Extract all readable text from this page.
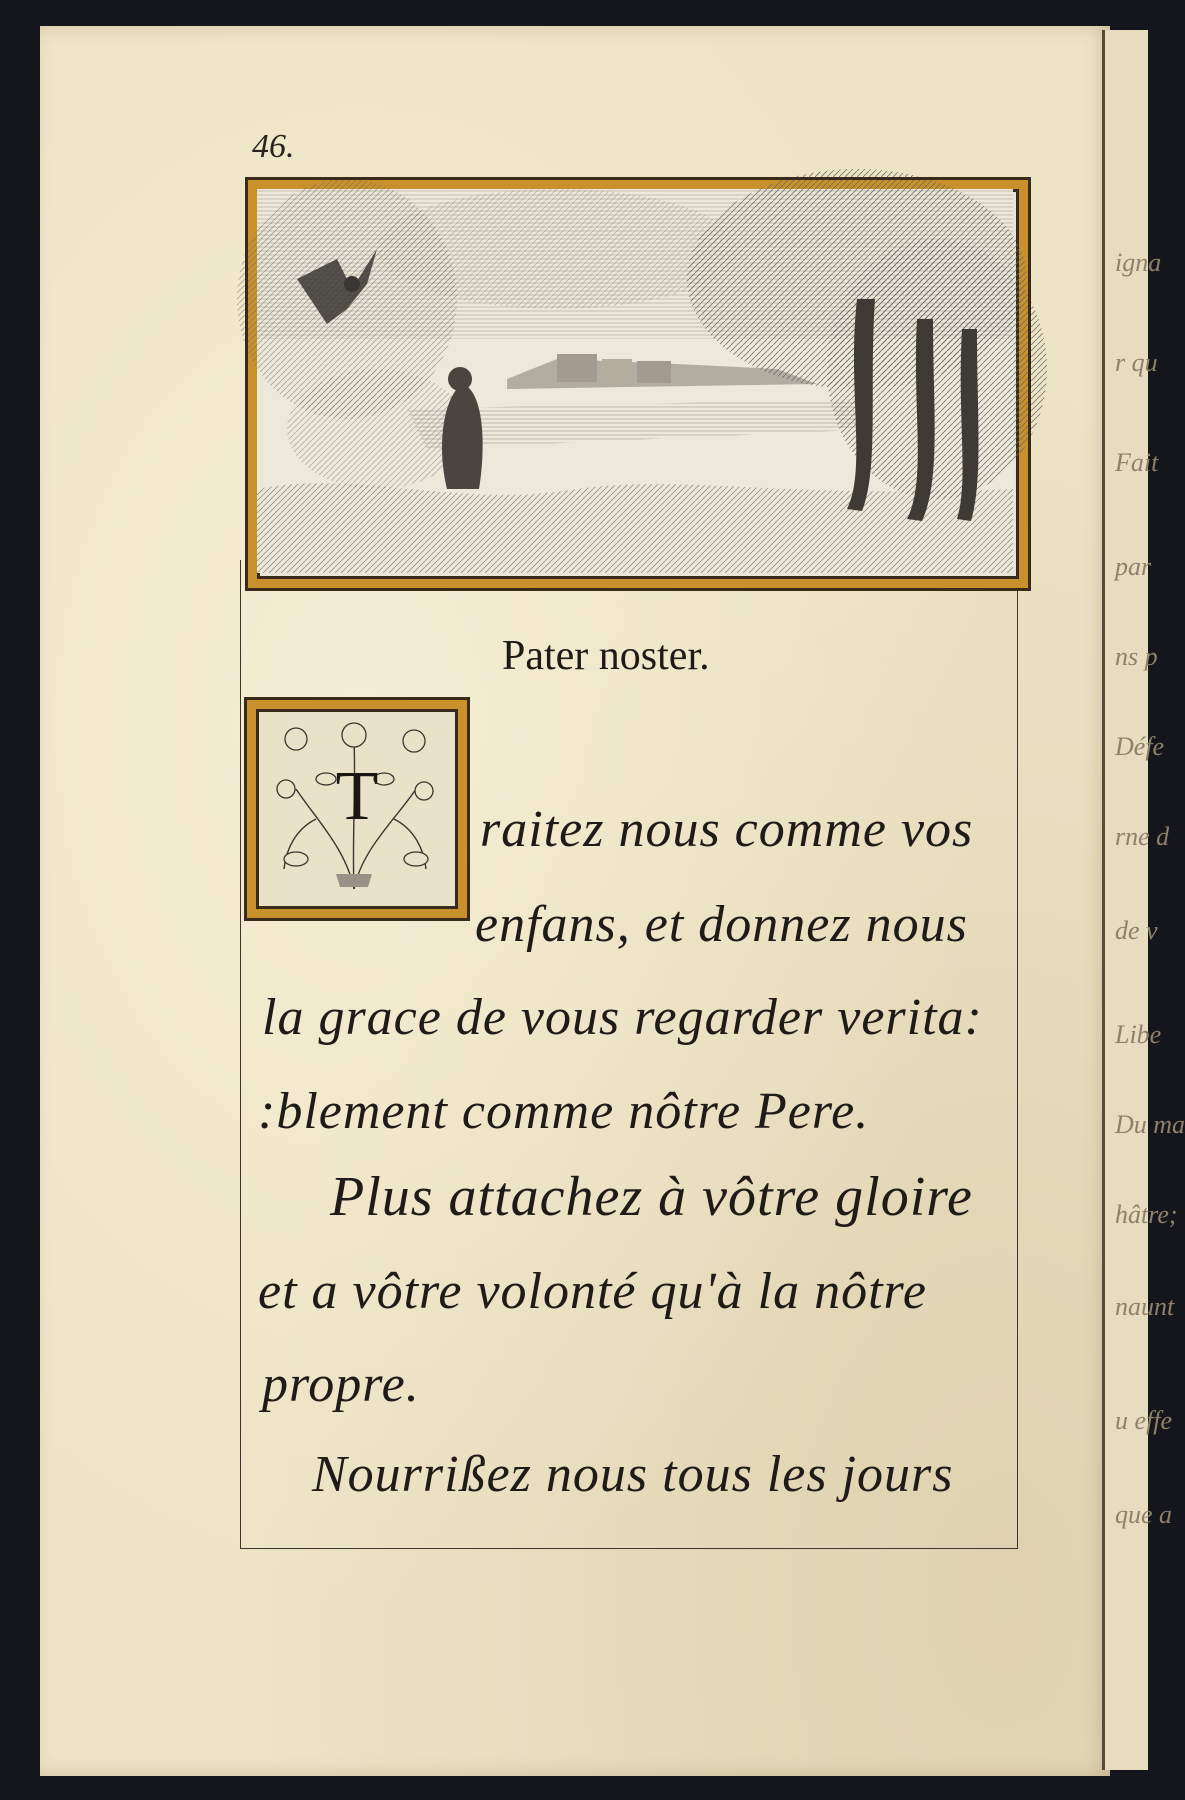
igna
r qu
Fait
par
ns p
Défe
rne d
de v
Libe
Du ma
hâtre;
naunt
u effe
que a
46.
Pater noster.
T	raitez nous comme vos
enfans, et donnez nous
la grace de vous regarder verita:
:blement comme nôtre Pere.
Plus attachez à vôtre gloire
et a vôtre volonté qu'à la nôtre
propre.
Nourrißez nous tous les jours
